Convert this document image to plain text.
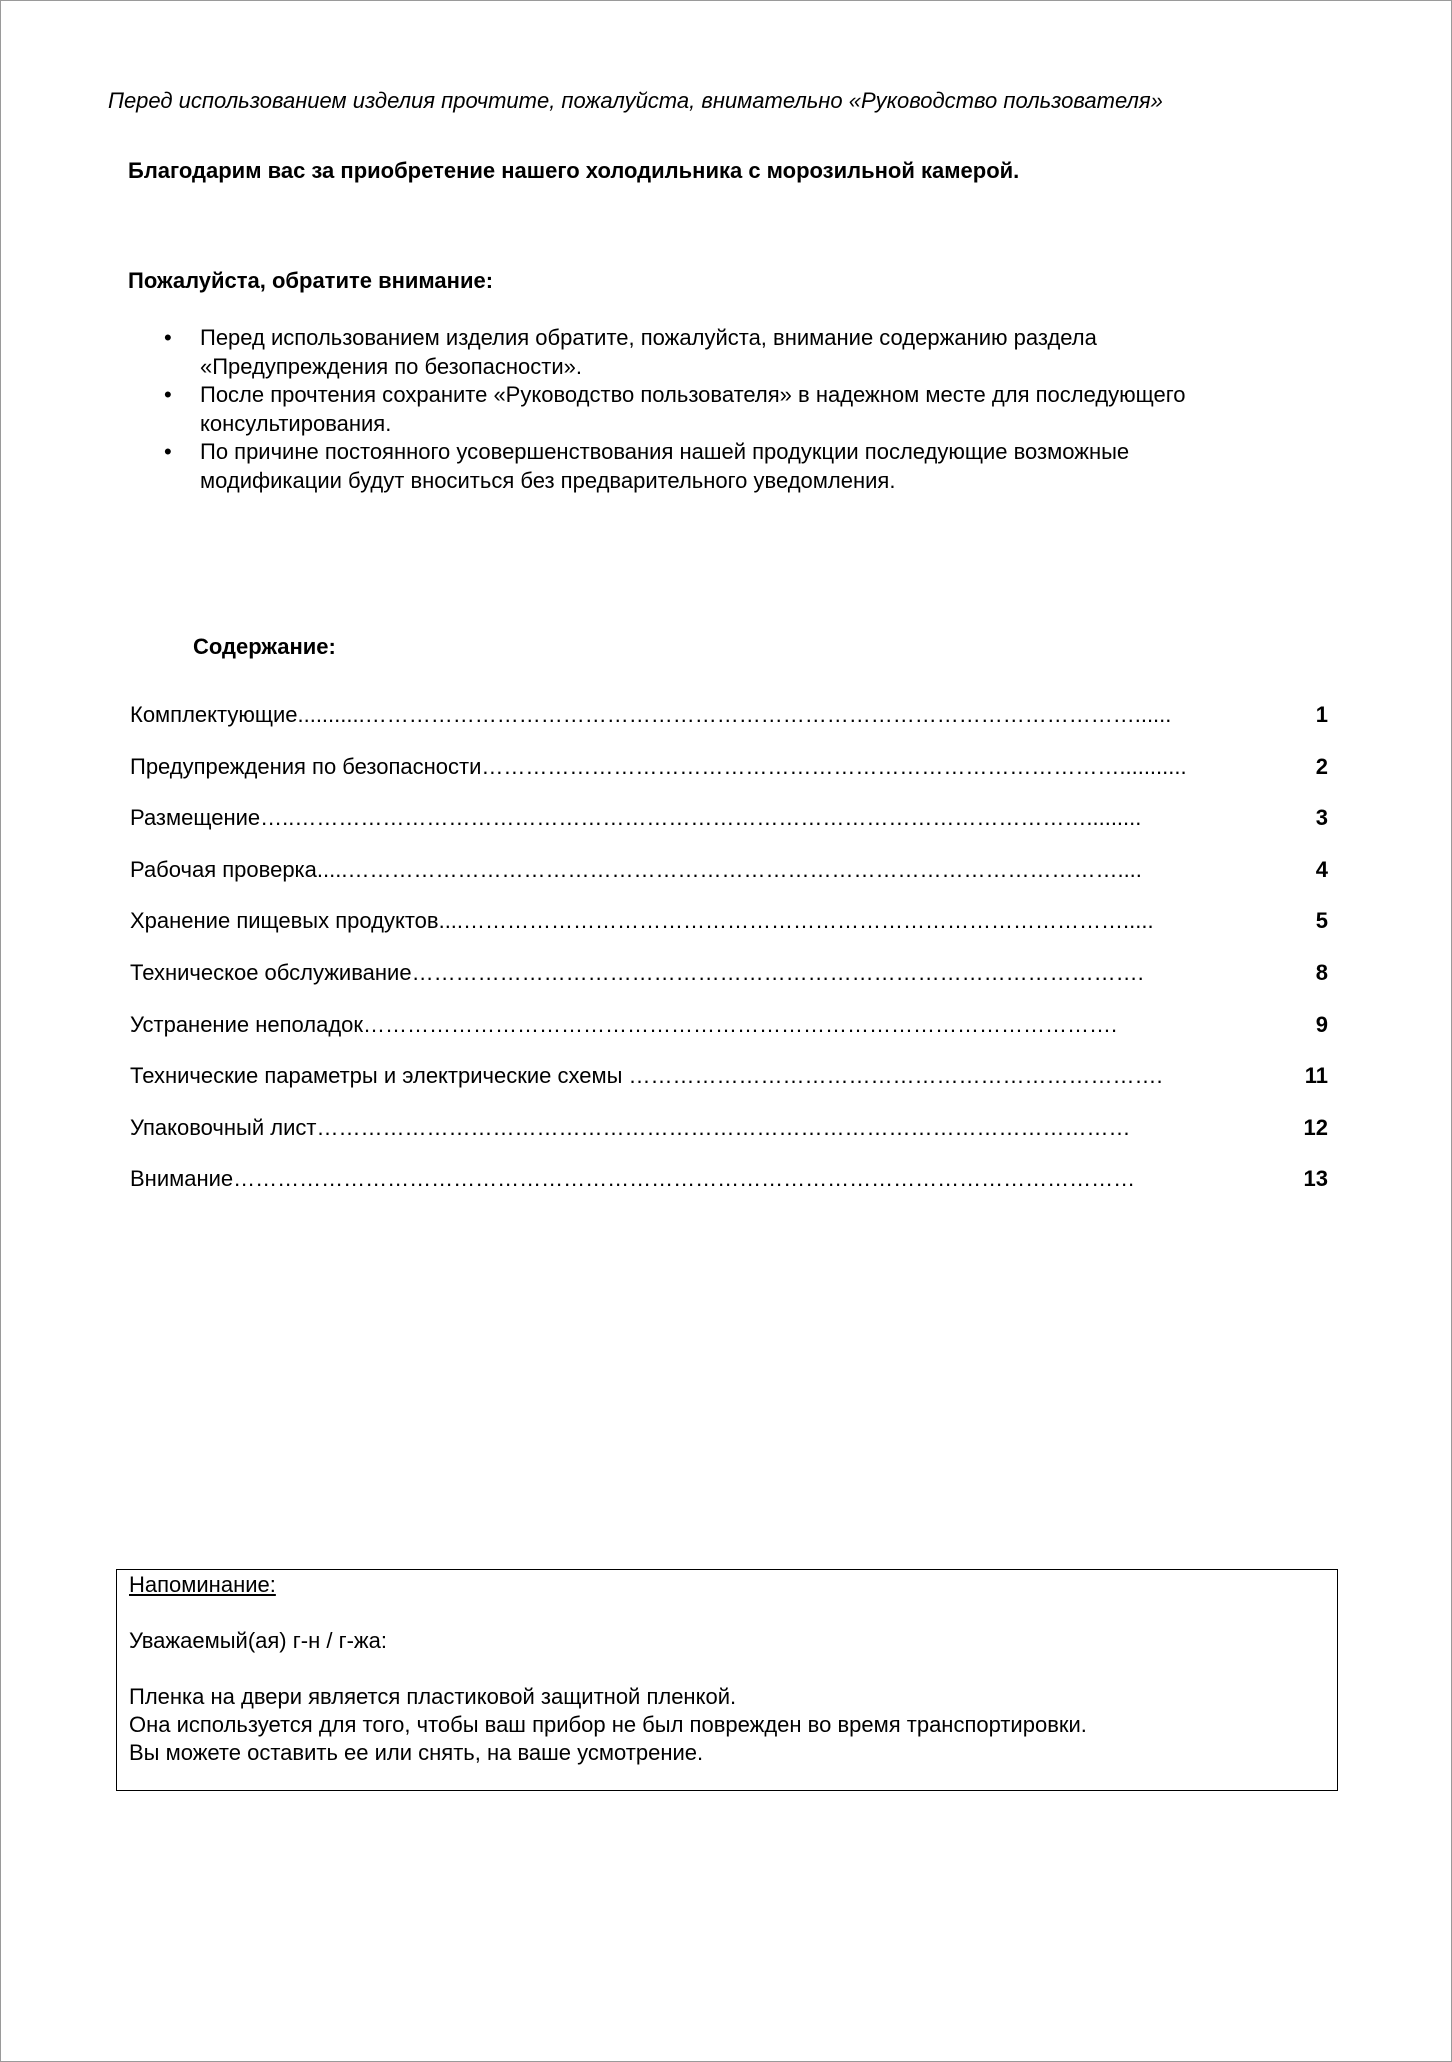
Перед использованием изделия прочтите, пожалуйста, внимательно «Руководство пользователя»
Благодарим вас за приобретение нашего холодильника с морозильной камерой.
Пожалуйста, обратите внимание:
• Перед использованием изделия обратите, пожалуйста, внимание содержанию раздела
«Предупреждения по безопасности».
• После прочтения сохраните «Руководство пользователя» в надежном месте для последующего
консультирования.
• По причине постоянного усовершенствования нашей продукции последующие возможные
модификации будут вноситься без предварительного уведомления.
Содержание:
Комплектующие...........……………………………………………………………………………………………......	1
Предупреждения по безопасности……………………………………………………………………………...........	2
Размещение…..……………………………………………………………………………………………….........	3
Рабочая проверка.....……………………………………………………………………………………………....	4
Хранение пищевых продуктов....……………………………………………………………………………….....	5
Техническое обслуживание……………………………………………………………………………………….	8
Устранение неполадок………………………………………………………………………………………….	9
Технические параметры и электрические схемы ……………………………………………………………….	11
Упаковочный лист…………………………………………………………………………………………………	12
Внимание……………………………………………………………………………………………………………	13
Напоминание:
Уважаемый(ая) г-н / г-жа:
Пленка на двери является пластиковой защитной пленкой.
Она используется для того, чтобы ваш прибор не был поврежден во время транспортировки.
Вы можете оставить ее или снять, на ваше усмотрение.
